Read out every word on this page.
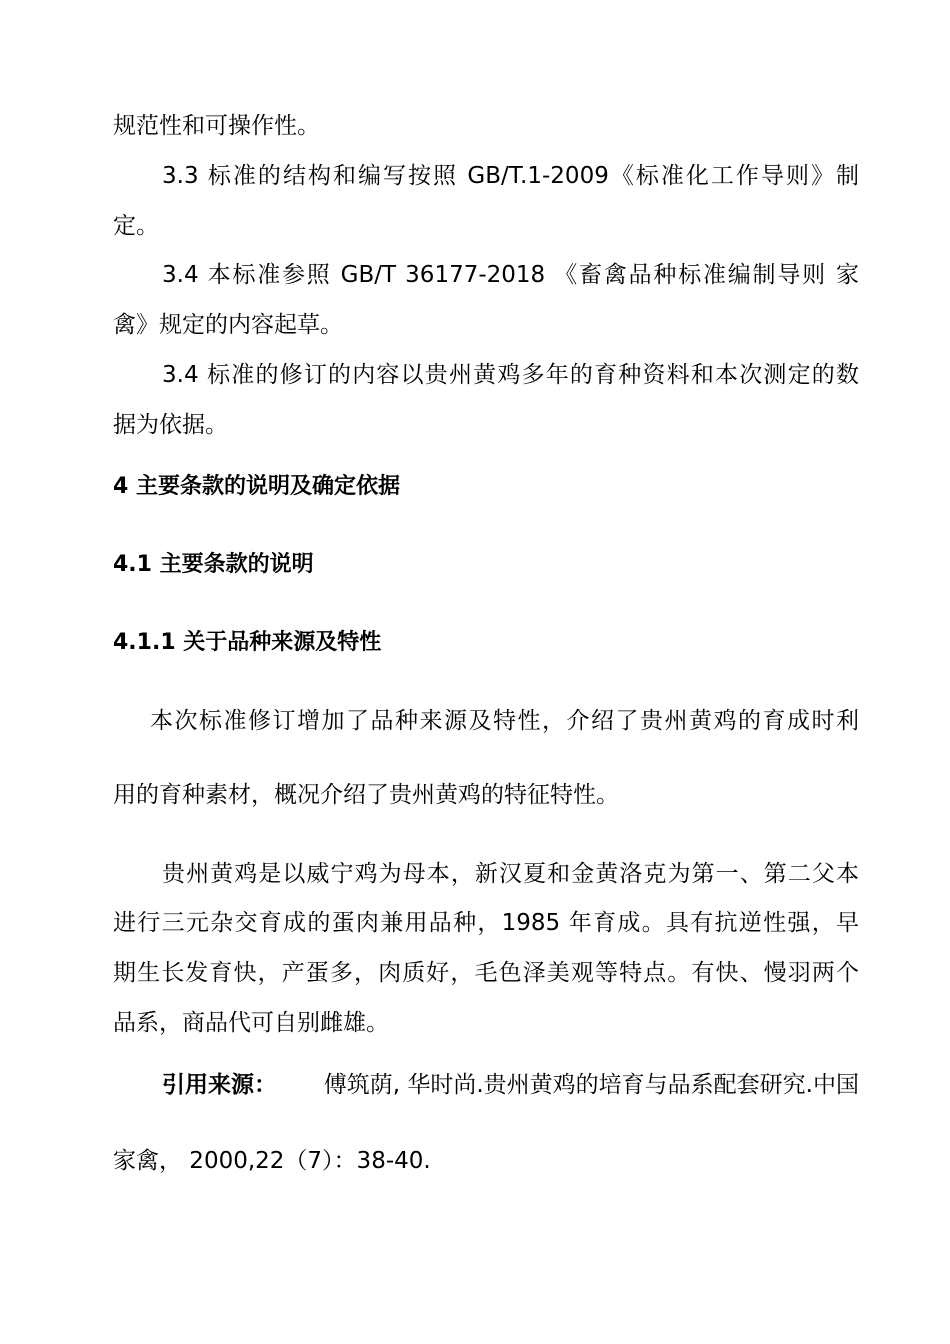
规范性和可操作性。
3.3 标准的结构和编写按照 GB/T.1-2009《标准化工作导则》制
定。
3.4 本标准参照 GB/T 36177-2018 《畜禽品种标准编制导则 家
禽》规定的内容起草。
3.4 标准的修订的内容以贵州黄鸡多年的育种资料和本次测定的数
据为依据。
4 主要条款的说明及确定依据
4.1 主要条款的说明
4.1.1 关于品种来源及特性
本次标准修订增加了品种来源及特性，介绍了贵州黄鸡的育成时利
用的育种素材，概况介绍了贵州黄鸡的特征特性。
贵州黄鸡是以威宁鸡为母本，新汉夏和金黄洛克为第一、第二父本
进行三元杂交育成的蛋肉兼用品种，1985 年育成。具有抗逆性强，早
期生长发育快，产蛋多，肉质好，毛色泽美观等特点。有快、慢羽两个
品系，商品代可自别雌雄。
引用来源： 傅筑荫, 华时尚.贵州黄鸡的培育与品系配套研究.中国
家禽， 2000,22（7）：38-40.
